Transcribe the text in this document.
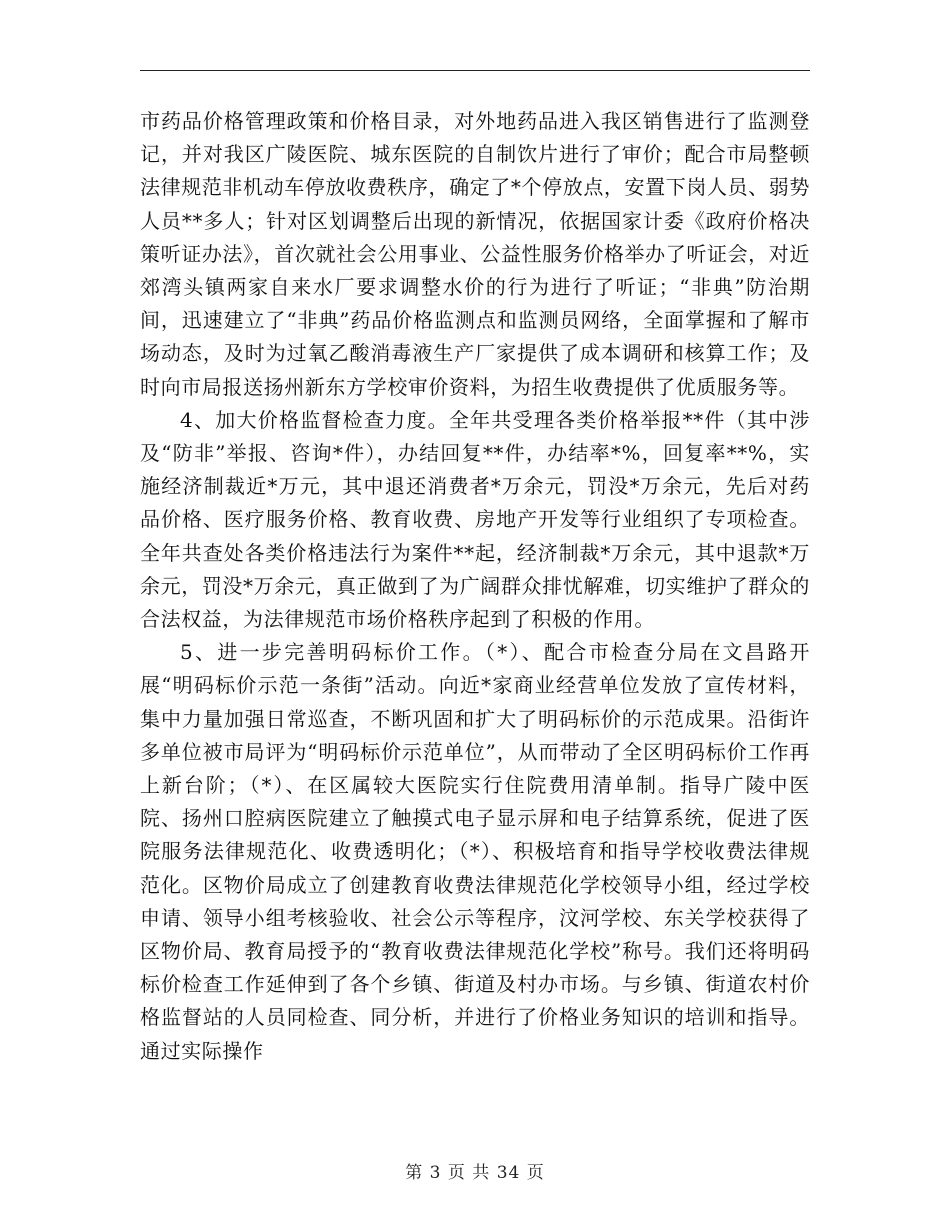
市药品价格管理政策和价格目录，对外地药品进入我区销售进行了监测登记，并对我区广陵医院、城东医院的自制饮片进行了审价；配合市局整顿法律规范非机动车停放收费秩序，确定了*个停放点，安置下岗人员、弱势人员**多人；针对区划调整后出现的新情况，依据国家计委《政府价格决策听证办法》，首次就社会公用事业、公益性服务价格举办了听证会，对近郊湾头镇两家自来水厂要求调整水价的行为进行了听证；“非典”防治期间，迅速建立了“非典”药品价格监测点和监测员网络，全面掌握和了解市场动态，及时为过氧乙酸消毒液生产厂家提供了成本调研和核算工作；及时向市局报送扬州新东方学校审价资料，为招生收费提供了优质服务等。

4、加大价格监督检查力度。全年共受理各类价格举报**件（其中涉及“防非”举报、咨询*件），办结回复**件，办结率*%，回复率**%，实施经济制裁近*万元，其中退还消费者*万余元，罚没*万余元，先后对药品价格、医疗服务价格、教育收费、房地产开发等行业组织了专项检查。全年共查处各类价格违法行为案件**起，经济制裁*万余元，其中退款*万余元，罚没*万余元，真正做到了为广阔群众排忧解难，切实维护了群众的合法权益，为法律规范市场价格秩序起到了积极的作用。

5、进一步完善明码标价工作。（*）、配合市检查分局在文昌路开展“明码标价示范一条街”活动。向近*家商业经营单位发放了宣传材料，集中力量加强日常巡查，不断巩固和扩大了明码标价的示范成果。沿街许多单位被市局评为“明码标价示范单位”，从而带动了全区明码标价工作再上新台阶；（*）、在区属较大医院实行住院费用清单制。指导广陵中医院、扬州口腔病医院建立了触摸式电子显示屏和电子结算系统，促进了医院服务法律规范化、收费透明化；（*）、积极培育和指导学校收费法律规范化。区物价局成立了创建教育收费法律规范化学校领导小组，经过学校申请、领导小组考核验收、社会公示等程序，汶河学校、东关学校获得了区物价局、教育局授予的“教育收费法律规范化学校”称号。我们还将明码标价检查工作延伸到了各个乡镇、街道及村办市场。与乡镇、街道农村价格监督站的人员同检查、同分析，并进行了价格业务知识的培训和指导。通过实际操作

第 3 页 共 34 页
